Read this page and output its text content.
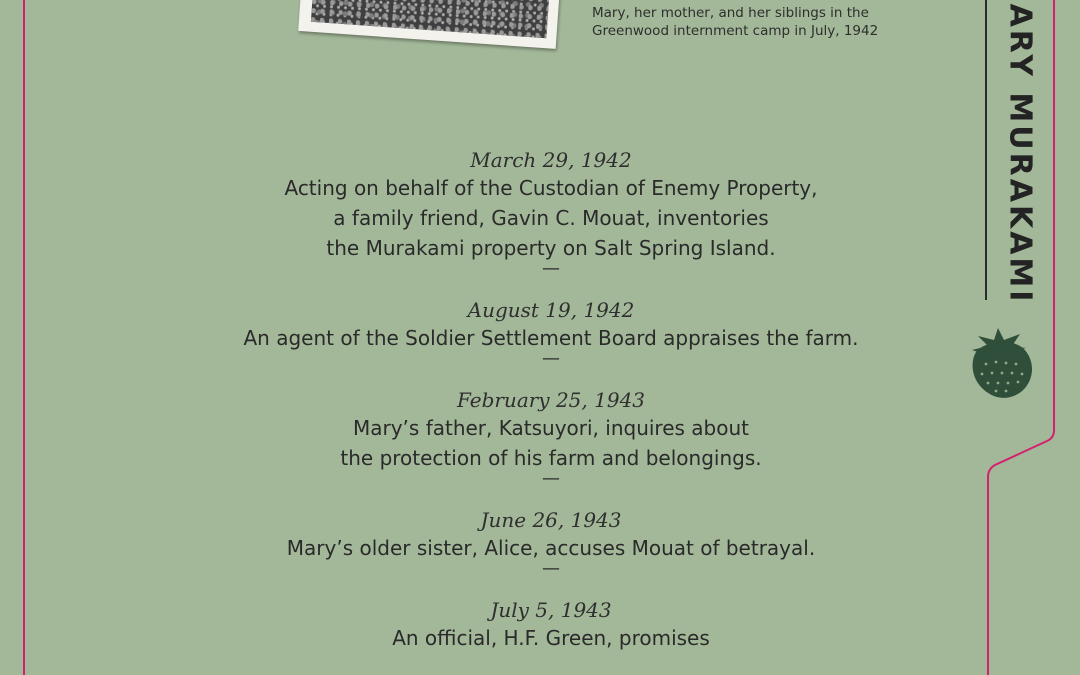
Mary, her mother, and her siblings in the
Greenwood internment camp in July, 1942	ARY MURAKAMI
March 29, 1942
Acting on behalf of the Custodian of Enemy Property,
a family friend, Gavin C. Mouat, inventories
the Murakami property on Salt Spring Island.
—
August 19, 1942
An agent of the Soldier Settlement Board appraises the farm.
—
February 25, 1943
Mary’s father, Katsuyori, inquires about
the protection of his farm and belongings.
—
June 26, 1943
Mary’s older sister, Alice, accuses Mouat of betrayal.
—
July 5, 1943
An official, H.F. Green, promises
